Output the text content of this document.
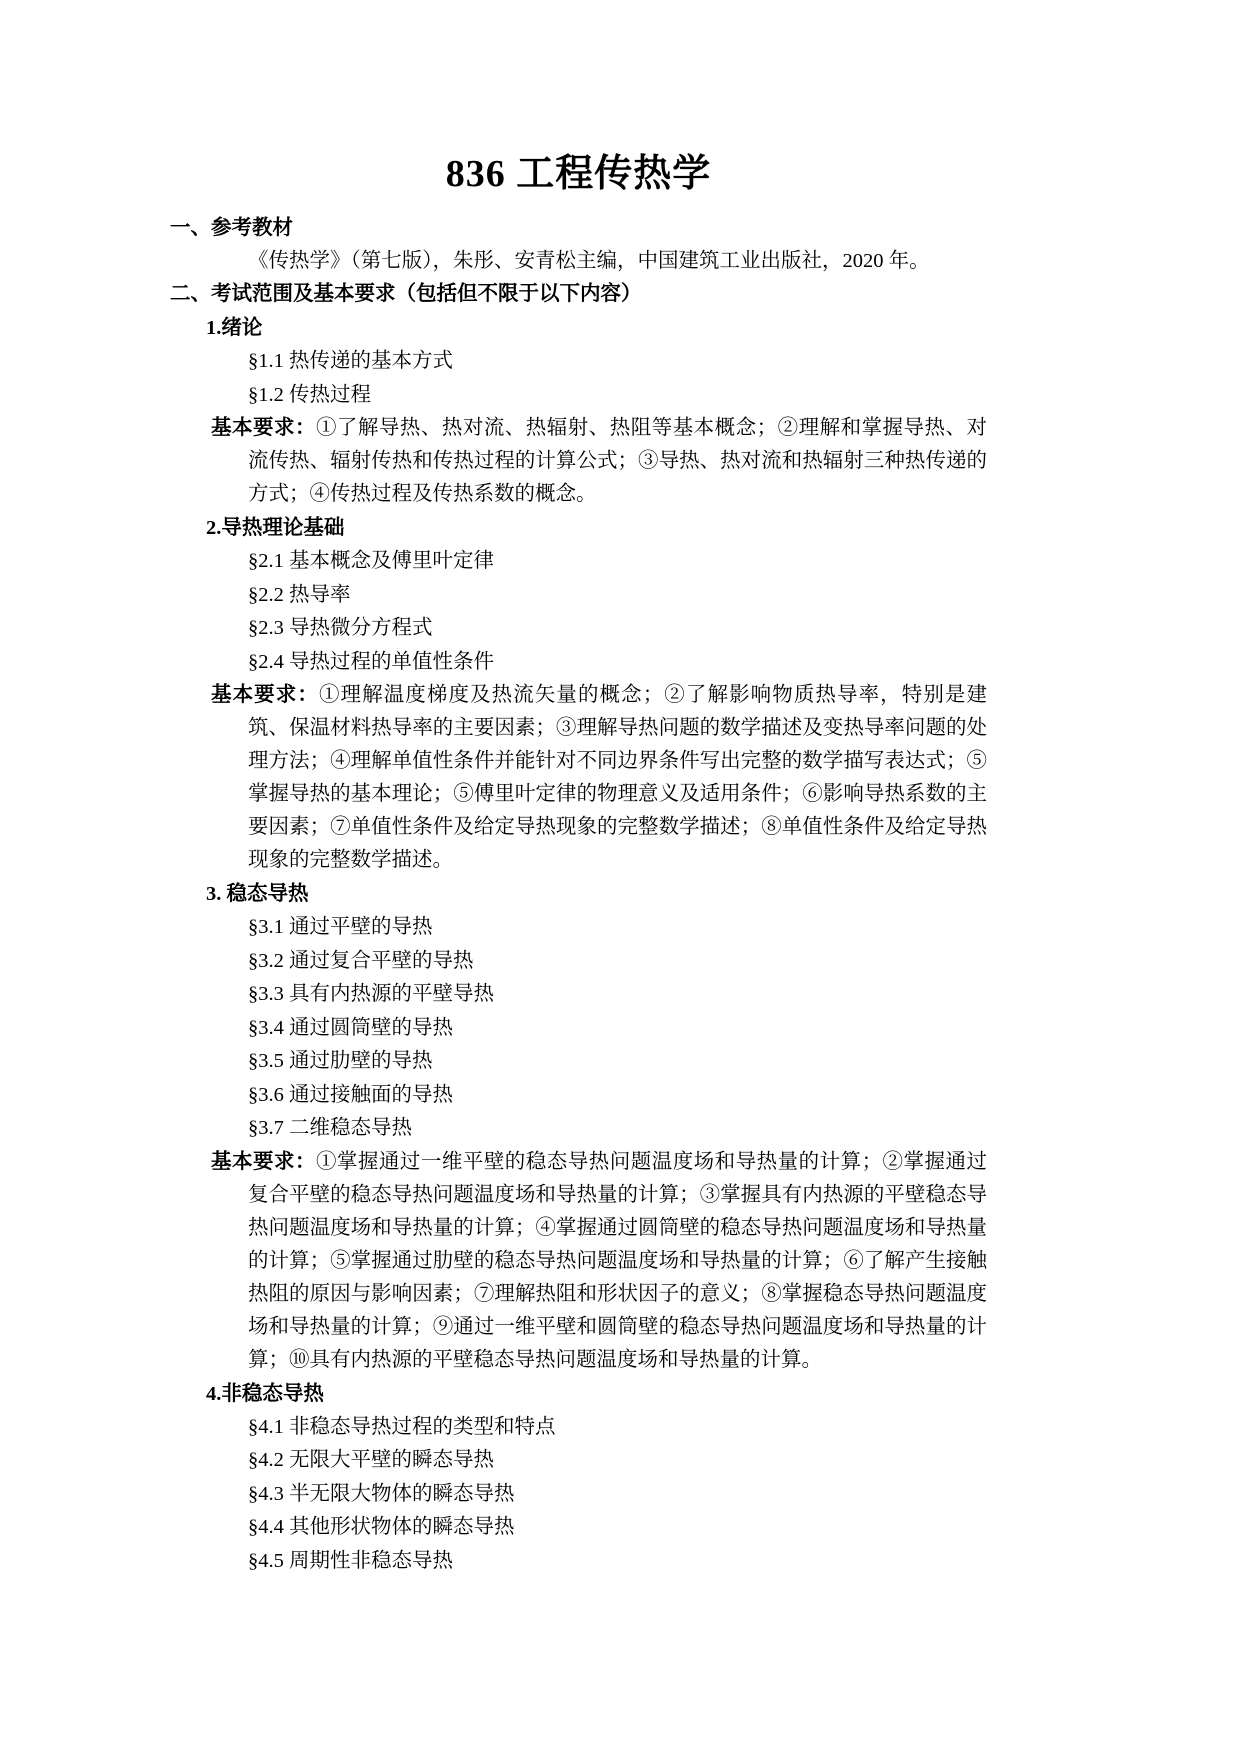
836 工程传热学
一、参考教材
《传热学》（第七版），朱彤、安青松主编，中国建筑工业出版社，2020 年。
二、考试范围及基本要求（包括但不限于以下内容）
1.绪论
§1.1 热传递的基本方式
§1.2 传热过程
基本要求：①了解导热、热对流、热辐射、热阻等基本概念；②理解和掌握导热、对流传热、辐射传热和传热过程的计算公式；③导热、热对流和热辐射三种热传递的方式；④传热过程及传热系数的概念。
2.导热理论基础
§2.1 基本概念及傅里叶定律
§2.2 热导率
§2.3 导热微分方程式
§2.4 导热过程的单值性条件
基本要求：①理解温度梯度及热流矢量的概念；②了解影响物质热导率，特别是建筑、保温材料热导率的主要因素；③理解导热问题的数学描述及变热导率问题的处理方法；④理解单值性条件并能针对不同边界条件写出完整的数学描写表达式；⑤掌握导热的基本理论；⑤傅里叶定律的物理意义及适用条件；⑥影响导热系数的主要因素；⑦单值性条件及给定导热现象的完整数学描述；⑧单值性条件及给定导热现象的完整数学描述。
3. 稳态导热
§3.1 通过平壁的导热
§3.2 通过复合平壁的导热
§3.3 具有内热源的平壁导热
§3.4 通过圆筒壁的导热
§3.5 通过肋壁的导热
§3.6 通过接触面的导热
§3.7 二维稳态导热
基本要求：①掌握通过一维平壁的稳态导热问题温度场和导热量的计算；②掌握通过复合平壁的稳态导热问题温度场和导热量的计算；③掌握具有内热源的平壁稳态导热问题温度场和导热量的计算；④掌握通过圆筒壁的稳态导热问题温度场和导热量的计算；⑤掌握通过肋壁的稳态导热问题温度场和导热量的计算；⑥了解产生接触热阻的原因与影响因素；⑦理解热阻和形状因子的意义；⑧掌握稳态导热问题温度场和导热量的计算；⑨通过一维平壁和圆筒壁的稳态导热问题温度场和导热量的计算；⑩具有内热源的平壁稳态导热问题温度场和导热量的计算。
4.非稳态导热
§4.1 非稳态导热过程的类型和特点
§4.2 无限大平壁的瞬态导热
§4.3 半无限大物体的瞬态导热
§4.4 其他形状物体的瞬态导热
§4.5 周期性非稳态导热
